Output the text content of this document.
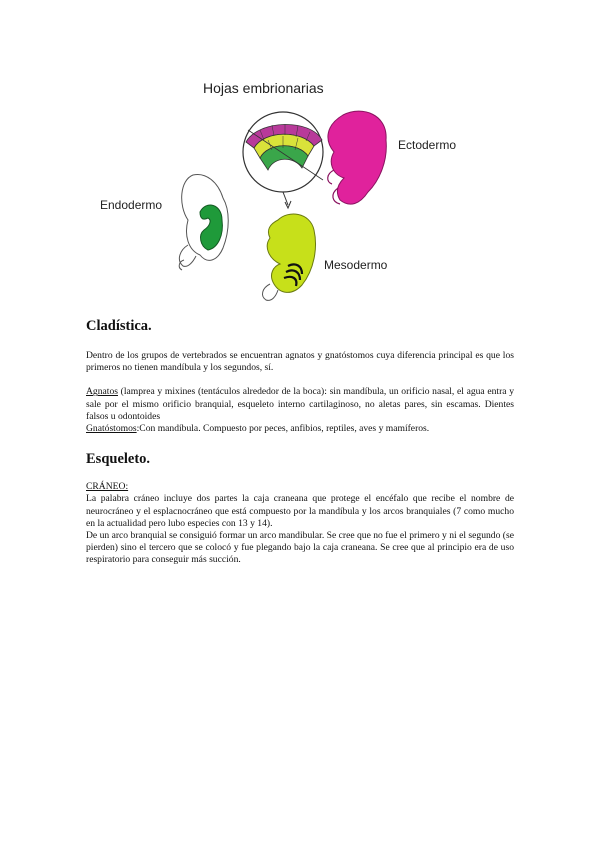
Hojas embrionarias
Ectodermo
Endodermo
Mesodermo
Cladística.

Dentro de los grupos de vertebrados se encuentran agnatos y gnatóstomos cuya diferencia principal es que los primeros no tienen mandíbula y los segundos, sí.

Agnatos (lamprea y mixines (tentáculos alrededor de la boca): sin mandíbula, un orificio nasal, el agua entra y sale por el mismo orificio branquial, esqueleto interno cartilaginoso, no aletas pares, sin escamas. Dientes falsos u odontoides

Gnatóstomos:Con mandíbula. Compuesto por peces, anfibios, reptiles, aves y mamíferos.

Esqueleto.

CRÁNEO:

La palabra cráneo incluye dos partes la caja craneana que protege el encéfalo que recibe el nombre de neurocráneo y el esplacnocráneo que está compuesto por la mandíbula y los arcos branquiales (7 como mucho en la actualidad pero lubo especies con 13 y 14).

De un arco branquial se consiguió formar un arco mandibular. Se cree que no fue el primero y ni el segundo (se pierden) sino el tercero que se colocó y fue plegando bajo la caja craneana. Se cree que al principio era de uso respiratorio para conseguir más succión.
